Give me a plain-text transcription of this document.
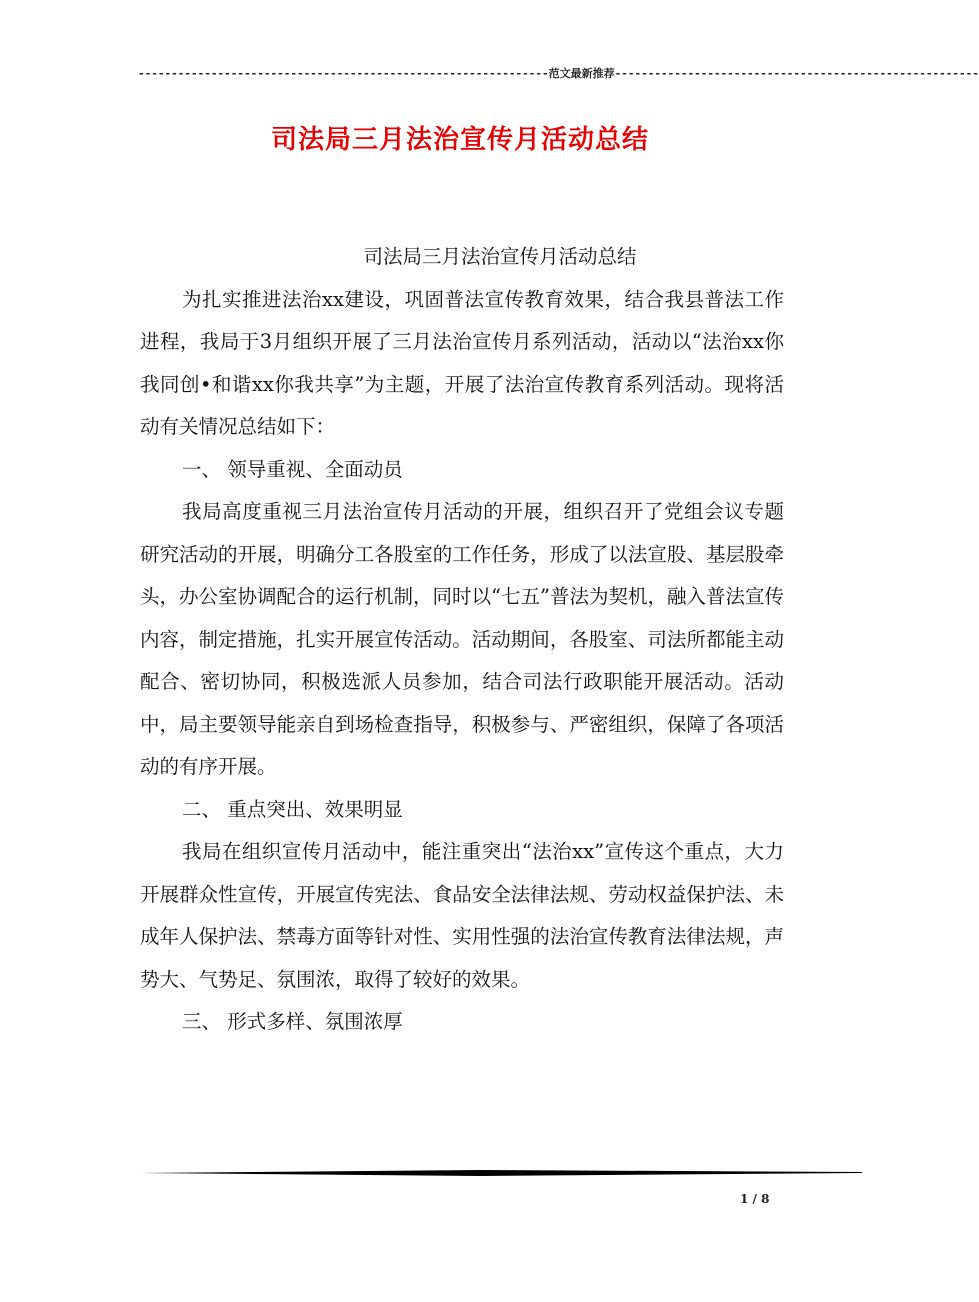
--------------------------------------------------------------范文最新推荐-------------------------------------------------------
司法局三月法治宣传月活动总结

司法局三月法治宣传月活动总结

为扎实推进法治xx建设，巩固普法宣传教育效果，结合我县普法工作进程，我局于3月组织开展了三月法治宣传月系列活动，活动以“法治xx你我同创•和谐xx你我共享”为主题，开展了法治宣传教育系列活动。现将活动有关情况总结如下：

一、 领导重视、全面动员

我局高度重视三月法治宣传月活动的开展，组织召开了党组会议专题研究活动的开展，明确分工各股室的工作任务，形成了以法宣股、基层股牵头，办公室协调配合的运行机制，同时以“七五”普法为契机，融入普法宣传内容，制定措施，扎实开展宣传活动。活动期间，各股室、司法所都能主动配合、密切协同，积极选派人员参加，结合司法行政职能开展活动。活动中，局主要领导能亲自到场检查指导，积极参与、严密组织，保障了各项活动的有序开展。

二、 重点突出、效果明显

我局在组织宣传月活动中，能注重突出“法治xx”宣传这个重点，大力开展群众性宣传，开展宣传宪法、食品安全法律法规、劳动权益保护法、未成年人保护法、禁毒方面等针对性、实用性强的法治宣传教育法律法规，声势大、气势足、氛围浓，取得了较好的效果。

三、 形式多样、氛围浓厚

1 / 8
